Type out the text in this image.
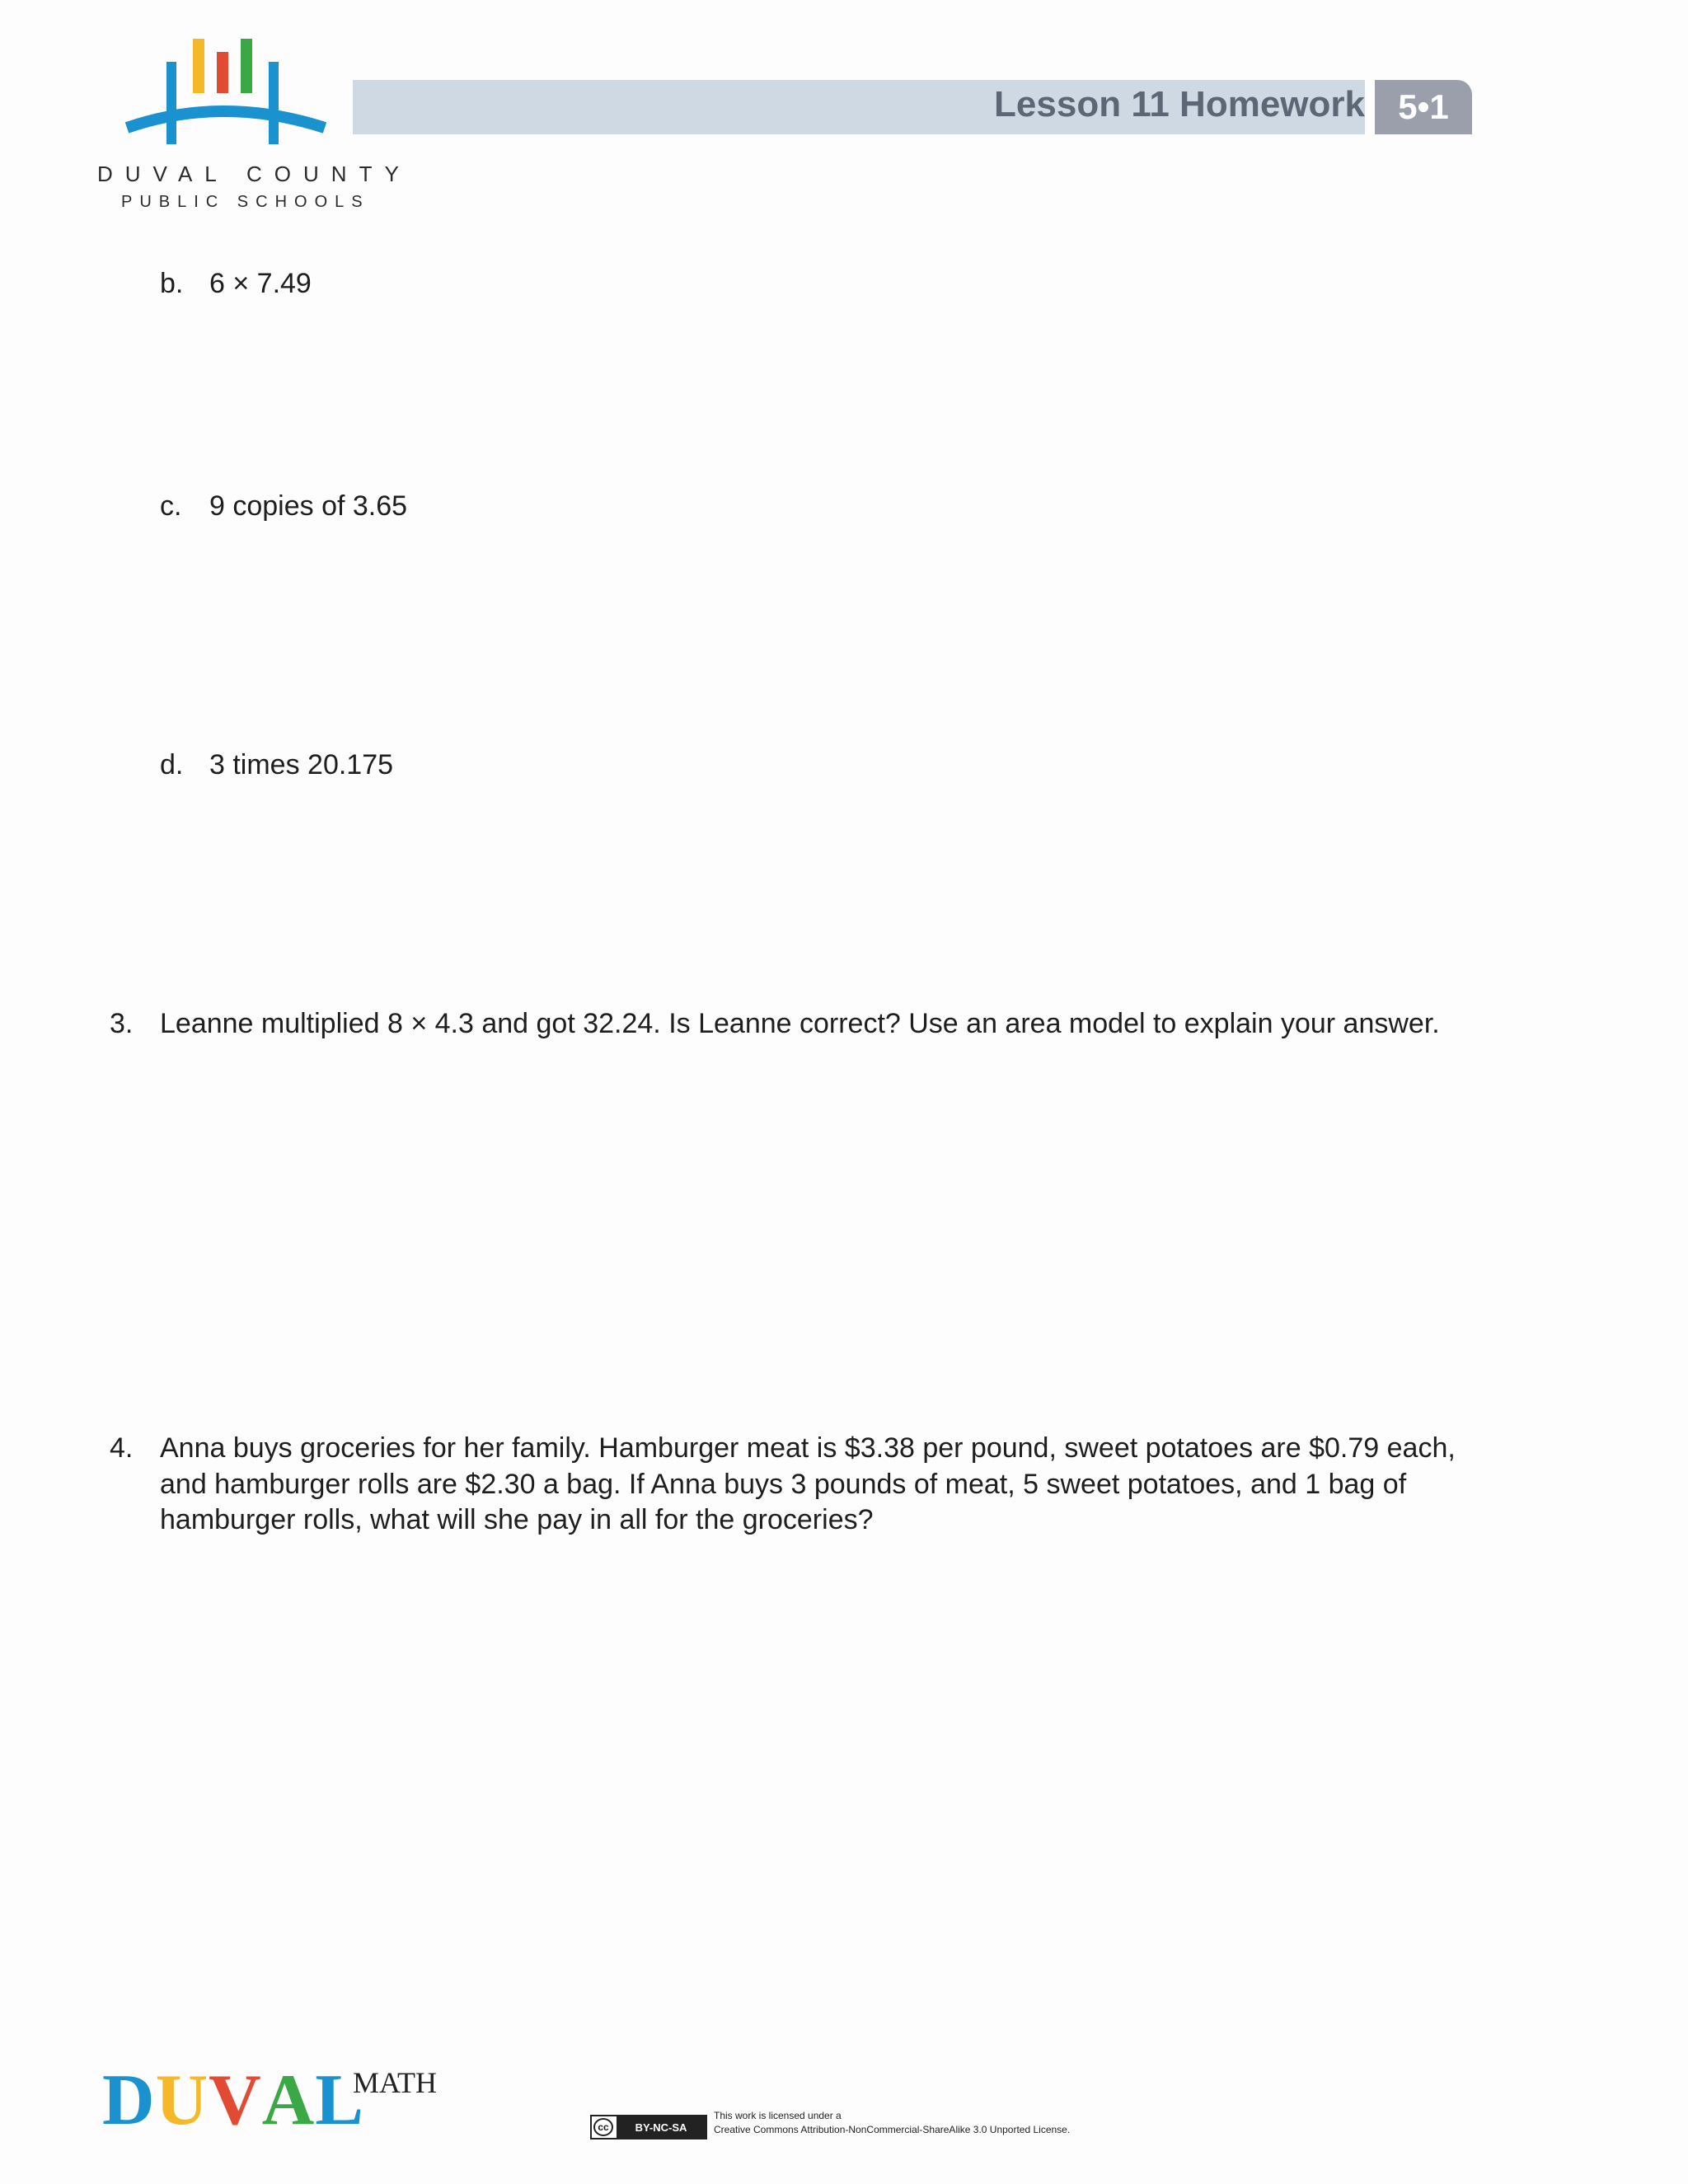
DUVAL COUNTY
PUBLIC SCHOOLS
Lesson 11 Homework 5•1
b. 6 × 7.49
c. 9 copies of 3.65
d. 3 times 20.175
3. Leanne multiplied 8 × 4.3 and got 32.24. Is Leanne correct? Use an area model to explain your answer.
4. Anna buys groceries for her family. Hamburger meat is $3.38 per pound, sweet potatoes are $0.79 each,
and hamburger rolls are $2.30 a bag. If Anna buys 3 pounds of meat, 5 sweet potatoes, and 1 bag of
hamburger rolls, what will she pay in all for the groceries?
DUVAL
MATH
cc	BY-NC-SA
This work is licensed under a
Creative Commons Attribution-NonCommercial-ShareAlike 3.0 Unported License.
